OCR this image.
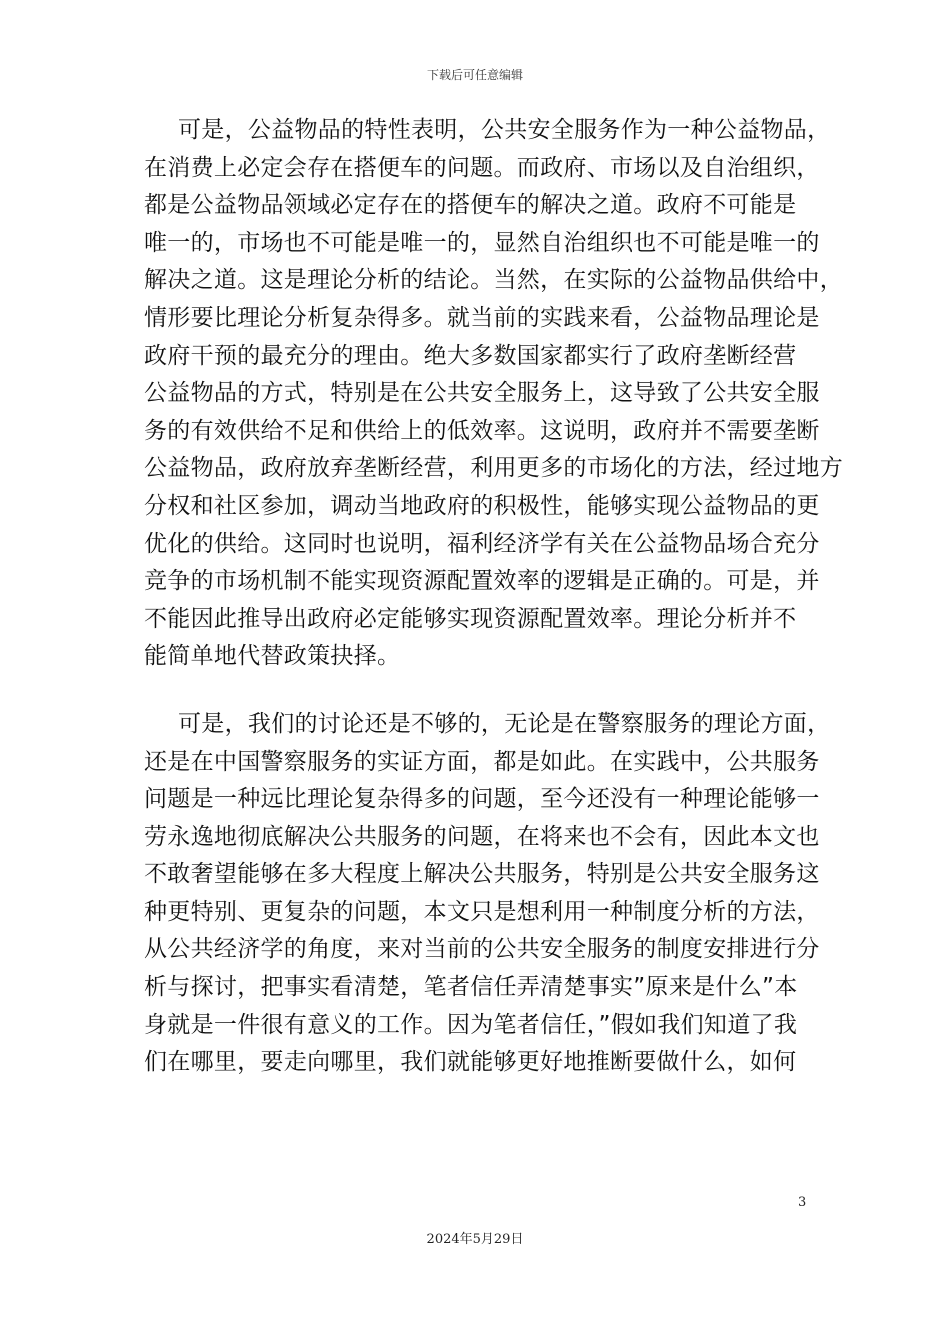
下载后可任意编辑
可是，公益物品的特性表明，公共安全服务作为一种公益物品，
在消费上必定会存在搭便车的问题。而政府、市场以及自治组织，
都是公益物品领域必定存在的搭便车的解决之道。政府不可能是
唯一的，市场也不可能是唯一的，显然自治组织也不可能是唯一的
解决之道。这是理论分析的结论。当然，在实际的公益物品供给中，
情形要比理论分析复杂得多。就当前的实践来看，公益物品理论是
政府干预的最充分的理由。绝大多数国家都实行了政府垄断经营
公益物品的方式，特别是在公共安全服务上，这导致了公共安全服
务的有效供给不足和供给上的低效率。这说明，政府并不需要垄断
公益物品，政府放弃垄断经营，利用更多的市场化的方法，经过地方
分权和社区参加，调动当地政府的积极性，能够实现公益物品的更
优化的供给。这同时也说明，福利经济学有关在公益物品场合充分
竞争的市场机制不能实现资源配置效率的逻辑是正确的。可是，并
不能因此推导出政府必定能够实现资源配置效率。理论分析并不
能简单地代替政策抉择。
可是，我们的讨论还是不够的，无论是在警察服务的理论方面，
还是在中国警察服务的实证方面，都是如此。在实践中，公共服务
问题是一种远比理论复杂得多的问题，至今还没有一种理论能够一
劳永逸地彻底解决公共服务的问题，在将来也不会有，因此本文也
不敢奢望能够在多大程度上解决公共服务，特别是公共安全服务这
种更特别、更复杂的问题，本文只是想利用一种制度分析的方法，
从公共经济学的角度，来对当前的公共安全服务的制度安排进行分
析与探讨，把事实看清楚，笔者信任弄清楚事实”原来是什么”本
身就是一件很有意义的工作。因为笔者信任，”假如我们知道了我
们在哪里，要走向哪里，我们就能够更好地推断要做什么，如何
3
2024年5月29日
